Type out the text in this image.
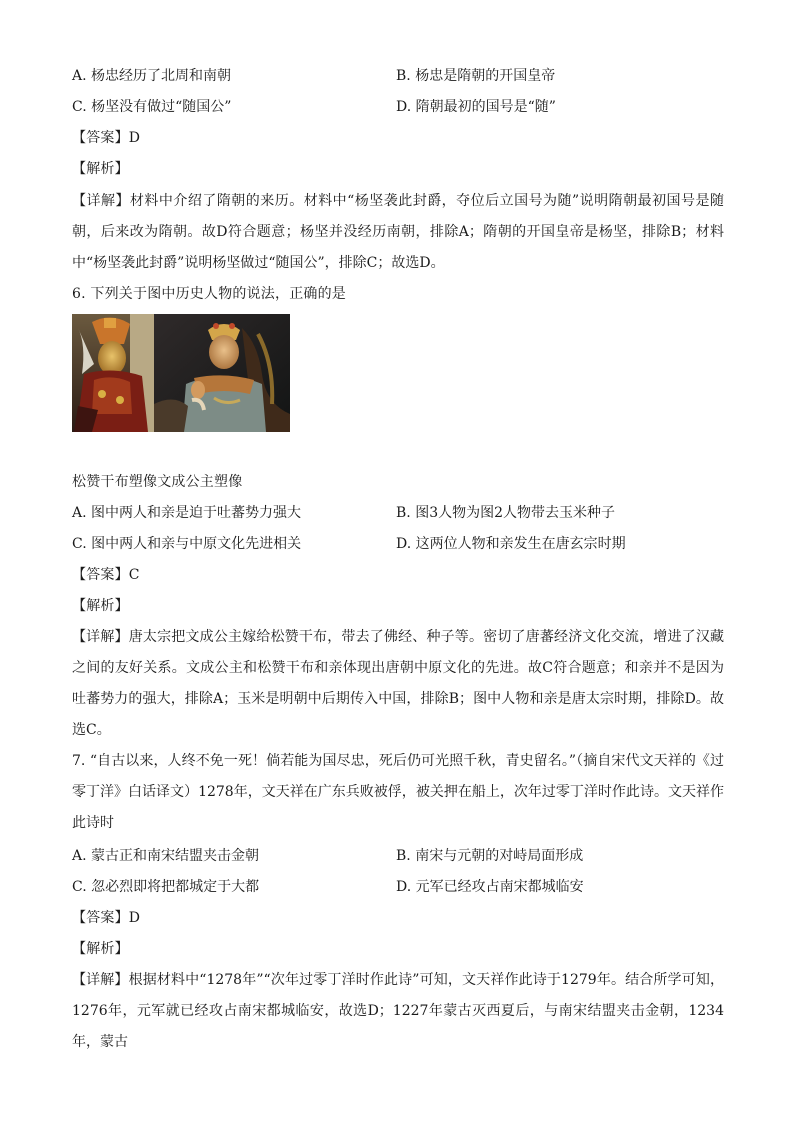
A. 杨忠经历了北周和南朝	B. 杨忠是隋朝的开国皇帝
C. 杨坚没有做过“随国公”	D. 隋朝最初的国号是“随”
【答案】D
【解析】
【详解】材料中介绍了隋朝的来历。材料中“杨坚袭此封爵，夺位后立国号为随”说明隋朝最初国号是随朝，后来改为隋朝。故D符合题意；杨坚并没经历南朝，排除A；隋朝的开国皇帝是杨坚，排除B；材料中“杨坚袭此封爵”说明杨坚做过“随国公”，排除C；故选D。
6. 下列关于图中历史人物的说法，正确的是
松赞干布塑像文成公主塑像
A. 图中两人和亲是迫于吐蕃势力强大	B. 图3人物为图2人物带去玉米种子
C. 图中两人和亲与中原文化先进相关	D. 这两位人物和亲发生在唐玄宗时期
【答案】C
【解析】
【详解】唐太宗把文成公主嫁给松赞干布，带去了佛经、种子等。密切了唐蕃经济文化交流，增进了汉藏之间的友好关系。文成公主和松赞干布和亲体现出唐朝中原文化的先进。故C符合题意；和亲并不是因为吐蕃势力的强大，排除A；玉米是明朝中后期传入中国，排除B；图中人物和亲是唐太宗时期，排除D。故选C。
7. “自古以来，人终不免一死！倘若能为国尽忠，死后仍可光照千秋，青史留名。”（摘自宋代文天祥的《过零丁洋》白话译文）1278年，文天祥在广东兵败被俘，被关押在船上，次年过零丁洋时作此诗。文天祥作此诗时
A. 蒙古正和南宋结盟夹击金朝	B. 南宋与元朝的对峙局面形成
C. 忽必烈即将把都城定于大都	D. 元军已经攻占南宋都城临安
【答案】D
【解析】
【详解】根据材料中“1278年”“次年过零丁洋时作此诗”可知，文天祥作此诗于1279年。结合所学可知，1276年，元军就已经攻占南宋都城临安，故选D；1227年蒙古灭西夏后，与南宋结盟夹击金朝，1234年，蒙古
